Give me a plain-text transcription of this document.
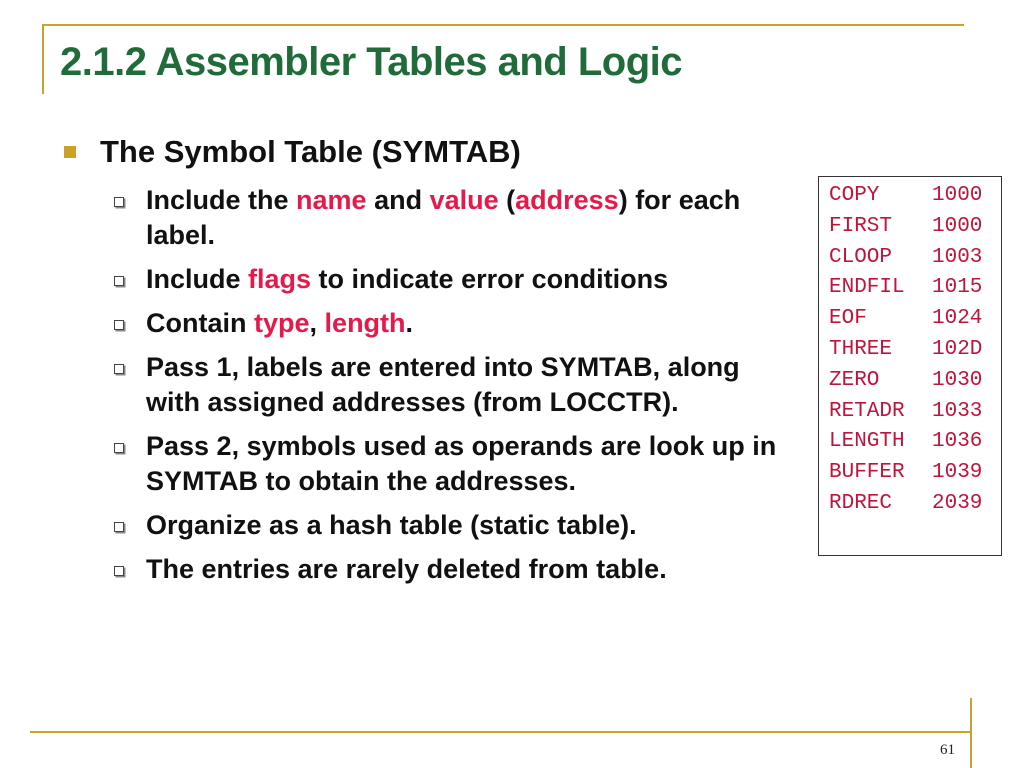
2.1.2 Assembler Tables and Logic
The Symbol Table (SYMTAB)
Include the name and value (address) for each label.
Include flags to indicate error conditions
Contain type, length.
Pass 1, labels are entered into SYMTAB, along with assigned addresses (from LOCCTR).
Pass 2, symbols used as operands are look up in SYMTAB to obtain the addresses.
Organize as a hash table (static table).
The entries are rarely deleted from table.
COPY	1000
FIRST	1000
CLOOP	1003
ENDFIL	1015
EOF	1024
THREE	102D
ZERO	1030
RETADR	1033
LENGTH	1036
BUFFER	1039
RDREC	2039
61
